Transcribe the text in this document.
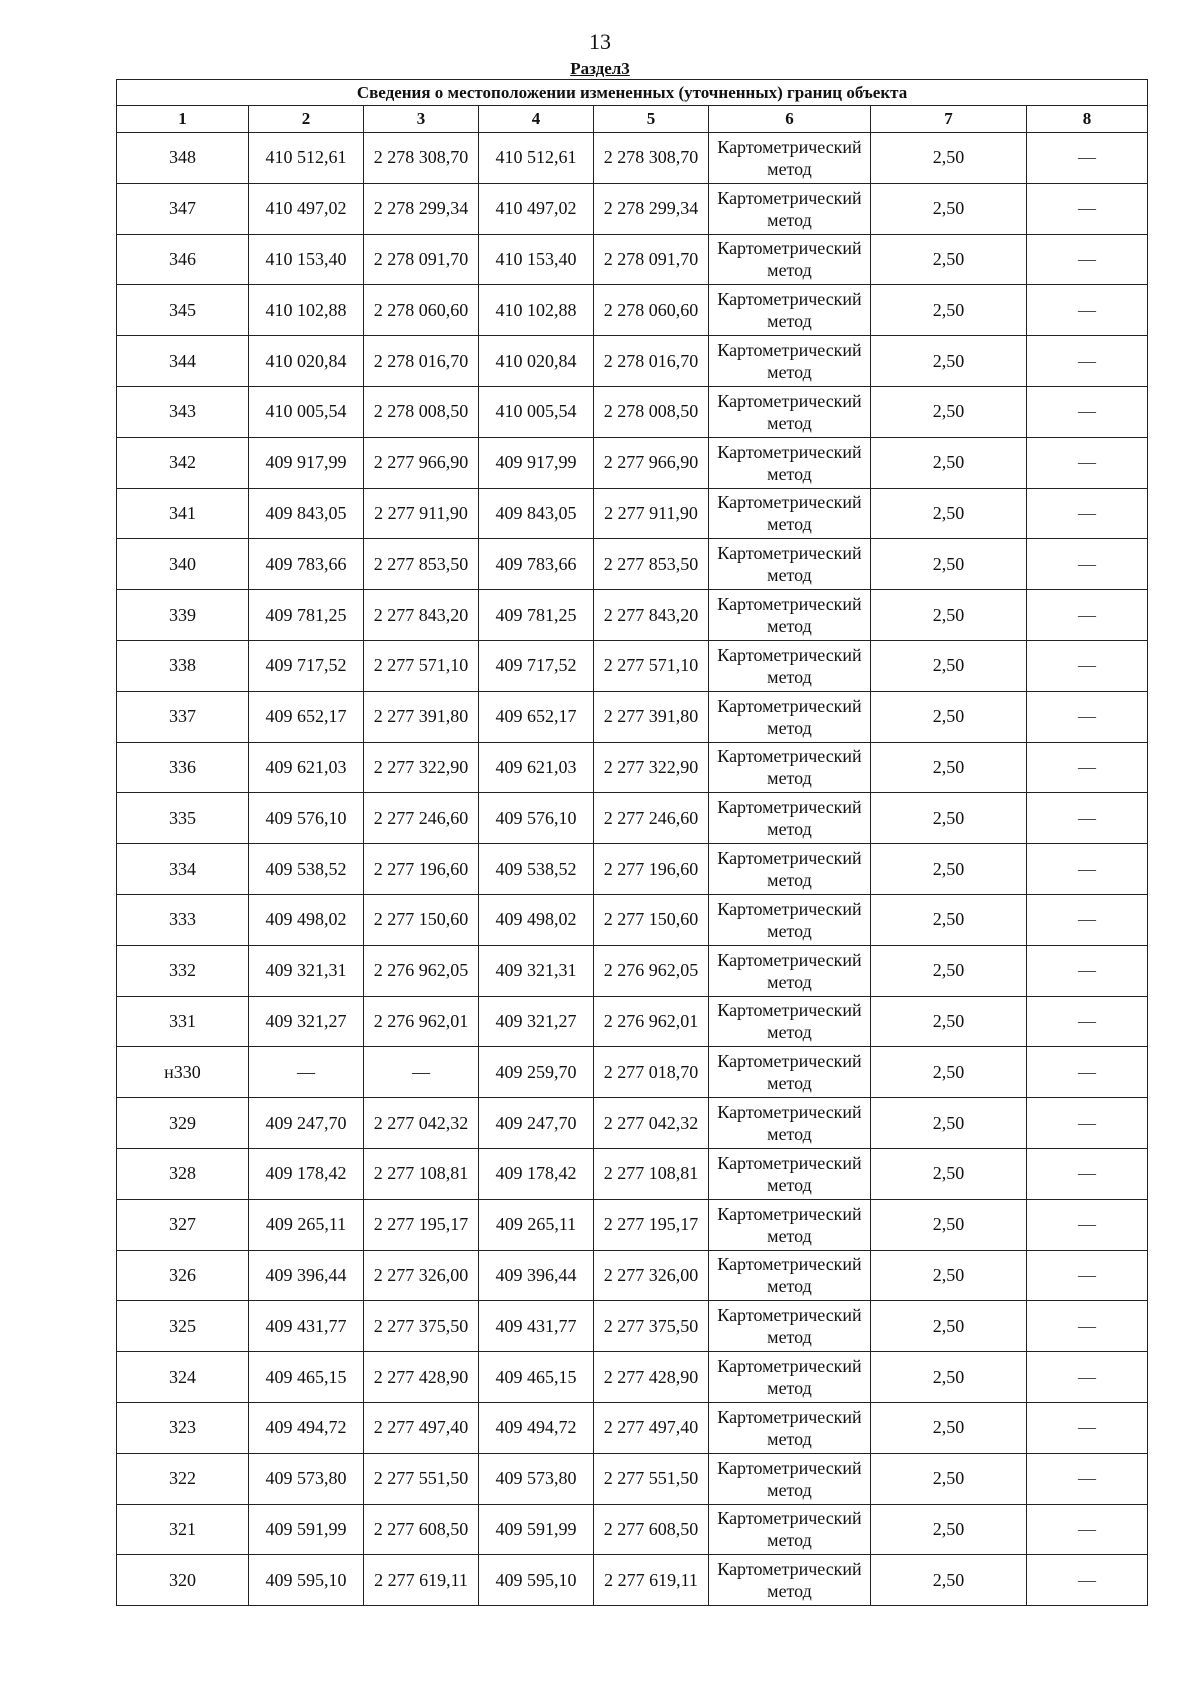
13
Раздел3
Сведения о местоположении измененных (уточненных) границ объекта							
1	2	3	4	5	6	7	8
348	410 512,61	2 278 308,70	410 512,61	2 278 308,70	Картометрический метод	2,50	—
347	410 497,02	2 278 299,34	410 497,02	2 278 299,34	Картометрический метод	2,50	—
346	410 153,40	2 278 091,70	410 153,40	2 278 091,70	Картометрический метод	2,50	—
345	410 102,88	2 278 060,60	410 102,88	2 278 060,60	Картометрический метод	2,50	—
344	410 020,84	2 278 016,70	410 020,84	2 278 016,70	Картометрический метод	2,50	—
343	410 005,54	2 278 008,50	410 005,54	2 278 008,50	Картометрический метод	2,50	—
342	409 917,99	2 277 966,90	409 917,99	2 277 966,90	Картометрический метод	2,50	—
341	409 843,05	2 277 911,90	409 843,05	2 277 911,90	Картометрический метод	2,50	—
340	409 783,66	2 277 853,50	409 783,66	2 277 853,50	Картометрический метод	2,50	—
339	409 781,25	2 277 843,20	409 781,25	2 277 843,20	Картометрический метод	2,50	—
338	409 717,52	2 277 571,10	409 717,52	2 277 571,10	Картометрический метод	2,50	—
337	409 652,17	2 277 391,80	409 652,17	2 277 391,80	Картометрический метод	2,50	—
336	409 621,03	2 277 322,90	409 621,03	2 277 322,90	Картометрический метод	2,50	—
335	409 576,10	2 277 246,60	409 576,10	2 277 246,60	Картометрический метод	2,50	—
334	409 538,52	2 277 196,60	409 538,52	2 277 196,60	Картометрический метод	2,50	—
333	409 498,02	2 277 150,60	409 498,02	2 277 150,60	Картометрический метод	2,50	—
332	409 321,31	2 276 962,05	409 321,31	2 276 962,05	Картометрический метод	2,50	—
331	409 321,27	2 276 962,01	409 321,27	2 276 962,01	Картометрический метод	2,50	—
н330	—	—	409 259,70	2 277 018,70	Картометрический метод	2,50	—
329	409 247,70	2 277 042,32	409 247,70	2 277 042,32	Картометрический метод	2,50	—
328	409 178,42	2 277 108,81	409 178,42	2 277 108,81	Картометрический метод	2,50	—
327	409 265,11	2 277 195,17	409 265,11	2 277 195,17	Картометрический метод	2,50	—
326	409 396,44	2 277 326,00	409 396,44	2 277 326,00	Картометрический метод	2,50	—
325	409 431,77	2 277 375,50	409 431,77	2 277 375,50	Картометрический метод	2,50	—
324	409 465,15	2 277 428,90	409 465,15	2 277 428,90	Картометрический метод	2,50	—
323	409 494,72	2 277 497,40	409 494,72	2 277 497,40	Картометрический метод	2,50	—
322	409 573,80	2 277 551,50	409 573,80	2 277 551,50	Картометрический метод	2,50	—
321	409 591,99	2 277 608,50	409 591,99	2 277 608,50	Картометрический метод	2,50	—
320	409 595,10	2 277 619,11	409 595,10	2 277 619,11	Картометрический метод	2,50	—
